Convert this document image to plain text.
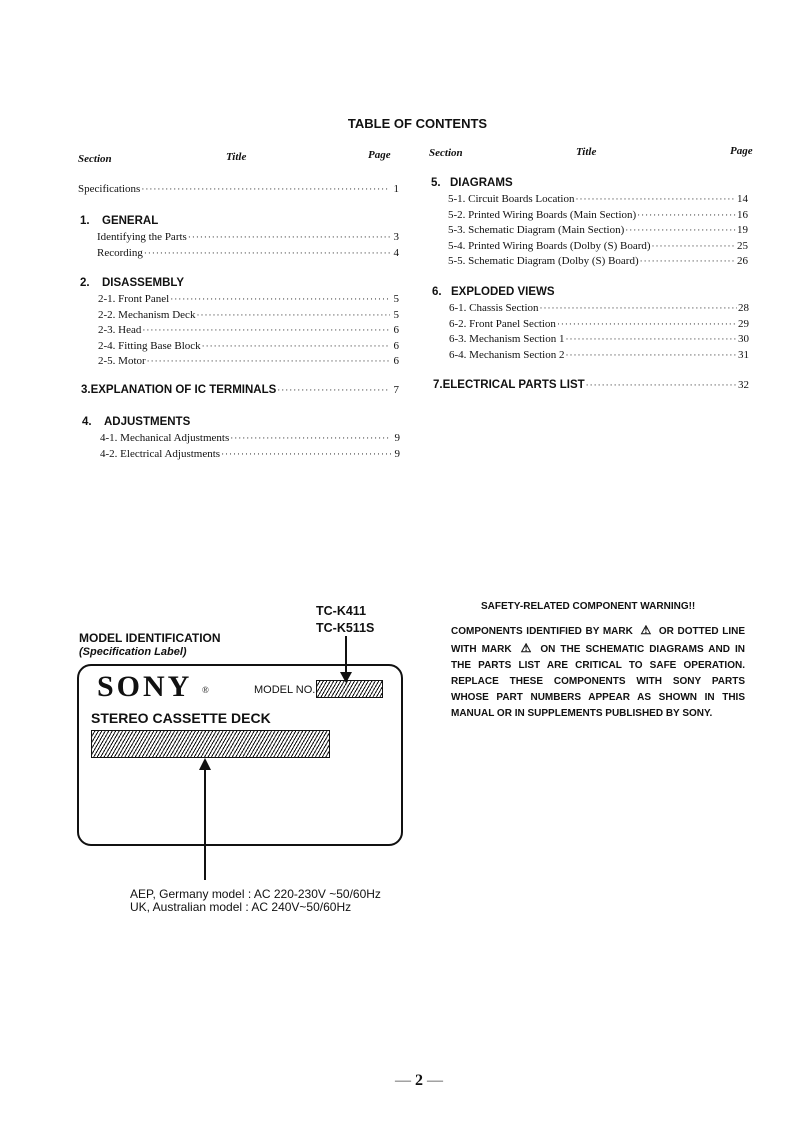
TABLE OF CONTENTS
Section	Title	Page	Section	Title	Page
Specifications ·····	1
1.	GENERAL
Identifying the Parts ·····	3
Recording ·····	4
2.	DISASSEMBLY
2-1. Front Panel ·····	5
2-2. Mechanism Deck ·····	5
2-3. Head ·····	6
2-4. Fitting Base Block ·····	6
2-5. Motor ·····	6
3. EXPLANATION OF IC TERMINALS ·····	7
4.	ADJUSTMENTS
4-1. Mechanical Adjustments ·····	9
4-2. Electrical Adjustments ·····	9
5. DIAGRAMS
5-1. Circuit Boards Location ·····	14
5-2. Printed Wiring Boards (Main Section) ·····	16
5-3. Schematic Diagram (Main Section) ·····	19
5-4. Printed Wiring Boards (Dolby (S) Board) ·····	25
5-5. Schematic Diagram (Dolby (S) Board) ·····	26
6. EXPLODED VIEWS
6-1. Chassis Section ·····	28
6-2. Front Panel Section ·····	29
6-3. Mechanism Section 1 ·····	30
6-4. Mechanism Section 2 ·····	31
7. ELECTRICAL PARTS LIST ·····	32
TC-K411
TC-K511S
MODEL IDENTIFICATION
(Specification Label)
SONY ®	MODEL NO.
STEREO CASSETTE DECK
AEP, Germany model : AC 220-230V ~50/60Hz
UK, Australian model : AC 240V~50/60Hz
SAFETY-RELATED COMPONENT WARNING!!
COMPONENTS IDENTIFIED BY MARK ⚠ OR DOTTED LINE WITH MARK ⚠ ON THE SCHEMATIC DIAGRAMS AND IN THE PARTS LIST ARE CRITICAL TO SAFE OPERATION. REPLACE THESE COMPONENTS WITH SONY PARTS WHOSE PART NUMBERS APPEAR AS SHOWN IN THIS MANUAL OR IN SUPPLEMENTS PUBLISHED BY SONY.
— 2 —
